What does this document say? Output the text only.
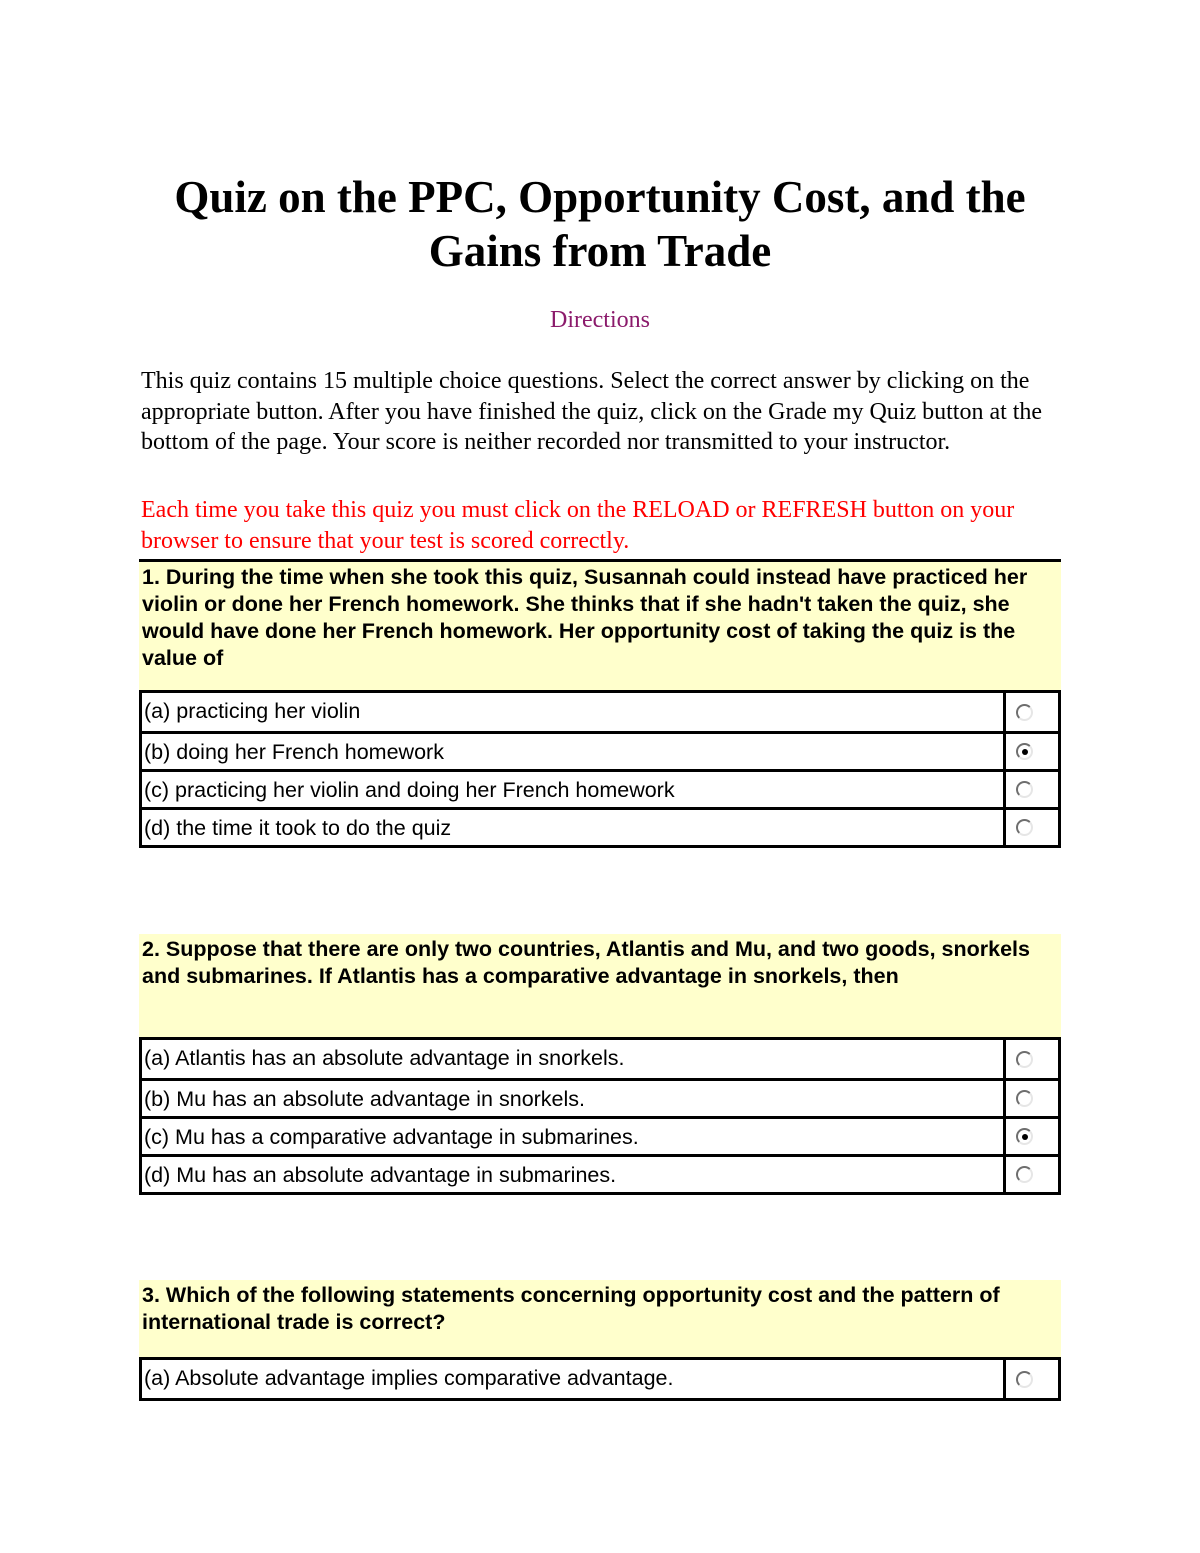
Quiz on the PPC, Opportunity Cost, and the Gains from Trade
Directions

This quiz contains 15 multiple choice questions. Select the correct answer by clicking on the appropriate button. After you have finished the quiz, click on the Grade my Quiz button at the bottom of the page. Your score is neither recorded nor transmitted to your instructor.

Each time you take this quiz you must click on the RELOAD or REFRESH button on your browser to ensure that your test is scored correctly.

1. During the time when she took this quiz, Susannah could instead have practiced her violin or done her French homework. She thinks that if she hadn't taken the quiz, she would have done her French homework. Her opportunity cost of taking the quiz is the value of
(a) practicing her violin
(b) doing her French homework
(c) practicing her violin and doing her French homework
(d) the time it took to do the quiz
2. Suppose that there are only two countries, Atlantis and Mu, and two goods, snorkels and submarines. If Atlantis has a comparative advantage in snorkels, then
(a) Atlantis has an absolute advantage in snorkels.
(b) Mu has an absolute advantage in snorkels.
(c) Mu has a comparative advantage in submarines.
(d) Mu has an absolute advantage in submarines.
3. Which of the following statements concerning opportunity cost and the pattern of international trade is correct?
(a) Absolute advantage implies comparative advantage.
